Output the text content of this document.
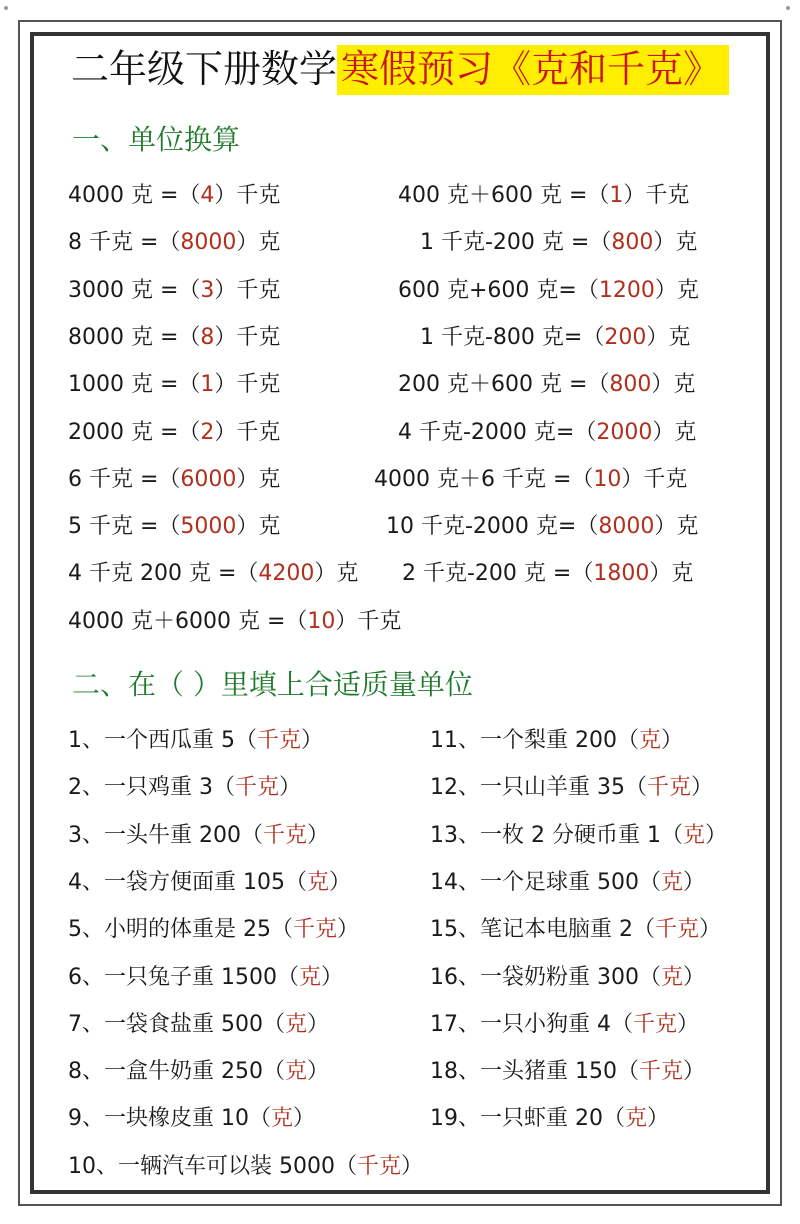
二年级下册数学 寒假预习《克和千克》
一、单位换算
二、在（ ）里填上合适质量单位
4000 克 =（4）千克
8 千克 =（8000）克
3000 克 =（3）千克
8000 克 =（8）千克
1000 克 =（1）千克
2000 克 =（2）千克
6 千克 =（6000）克
5 千克 =（5000）克
4 千克 200 克 =（4200）克
4000 克＋6000 克 =（10）千克
400 克＋600 克 =（1）千克
1 千克-200 克 =（800）克
600 克+600 克=（1200）克
1 千克-800 克=（200）克
200 克＋600 克 =（800）克
4 千克-2000 克=（2000）克
4000 克＋6 千克 =（10）千克
10 千克-2000 克=（8000）克
2 千克-200 克 =（1800）克
1、一个西瓜重 5（千克）
2、一只鸡重 3（千克）
3、一头牛重 200（千克）
4、一袋方便面重 105（克）
5、小明的体重是 25（千克）
6、一只兔子重 1500（克）
7、一袋食盐重 500（克）
8、一盒牛奶重 250（克）
9、一块橡皮重 10（克）
10、一辆汽车可以装 5000（千克）
11、一个梨重 200（克）
12、一只山羊重 35（千克）
13、一枚 2 分硬币重 1（克）
14、一个足球重 500（克）
15、笔记本电脑重 2（千克）
16、一袋奶粉重 300（克）
17、一只小狗重 4（千克）
18、一头猪重 150（千克）
19、一只虾重 20（克）
